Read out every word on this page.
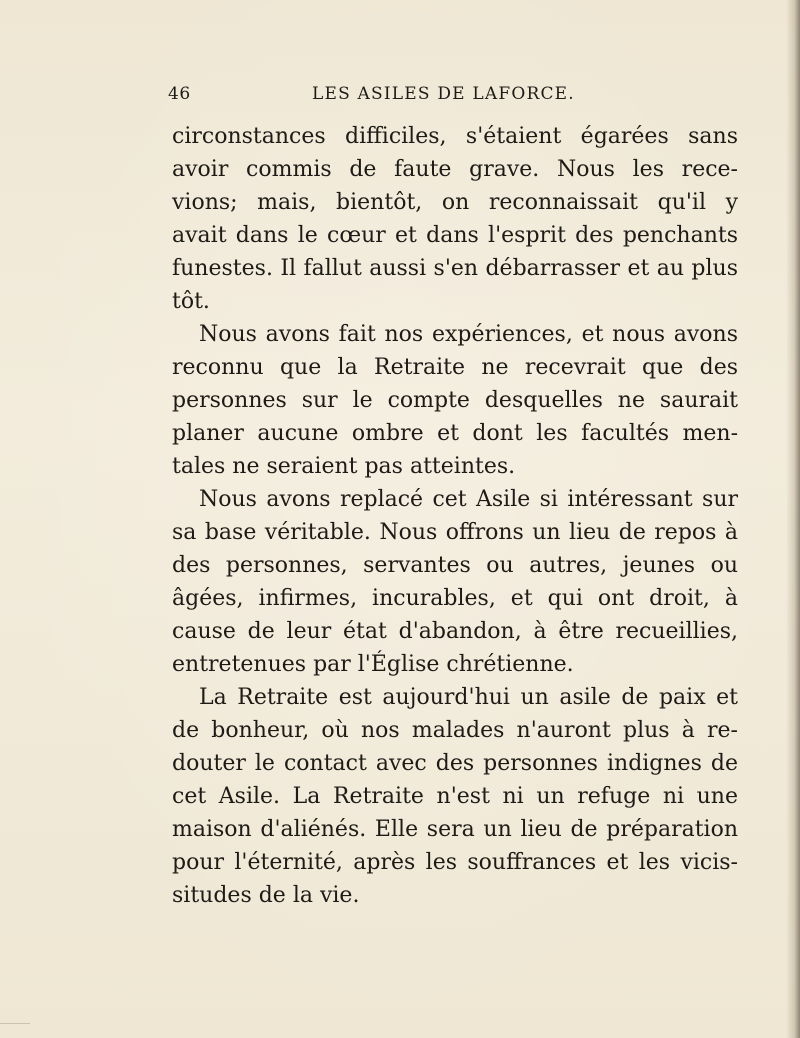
46	LES ASILES DE LAFORCE.
circonstances difficiles, s'étaient égarées sans
avoir commis de faute grave. Nous les rece-
vions; mais, bientôt, on reconnaissait qu'il y
avait dans le cœur et dans l'esprit des penchants
funestes. Il fallut aussi s'en débarrasser et au plus
tôt.
Nous avons fait nos expériences, et nous avons
reconnu que la Retraite ne recevrait que des
personnes sur le compte desquelles ne saurait
planer aucune ombre et dont les facultés men-
tales ne seraient pas atteintes.
Nous avons replacé cet Asile si intéressant sur
sa base véritable. Nous offrons un lieu de repos à
des personnes, servantes ou autres, jeunes ou
âgées, infirmes, incurables, et qui ont droit, à
cause de leur état d'abandon, à être recueillies,
entretenues par l'Église chrétienne.
La Retraite est aujourd'hui un asile de paix et
de bonheur, où nos malades n'auront plus à re-
douter le contact avec des personnes indignes de
cet Asile. La Retraite n'est ni un refuge ni une
maison d'aliénés. Elle sera un lieu de préparation
pour l'éternité, après les souffrances et les vicis-
situdes de la vie.
